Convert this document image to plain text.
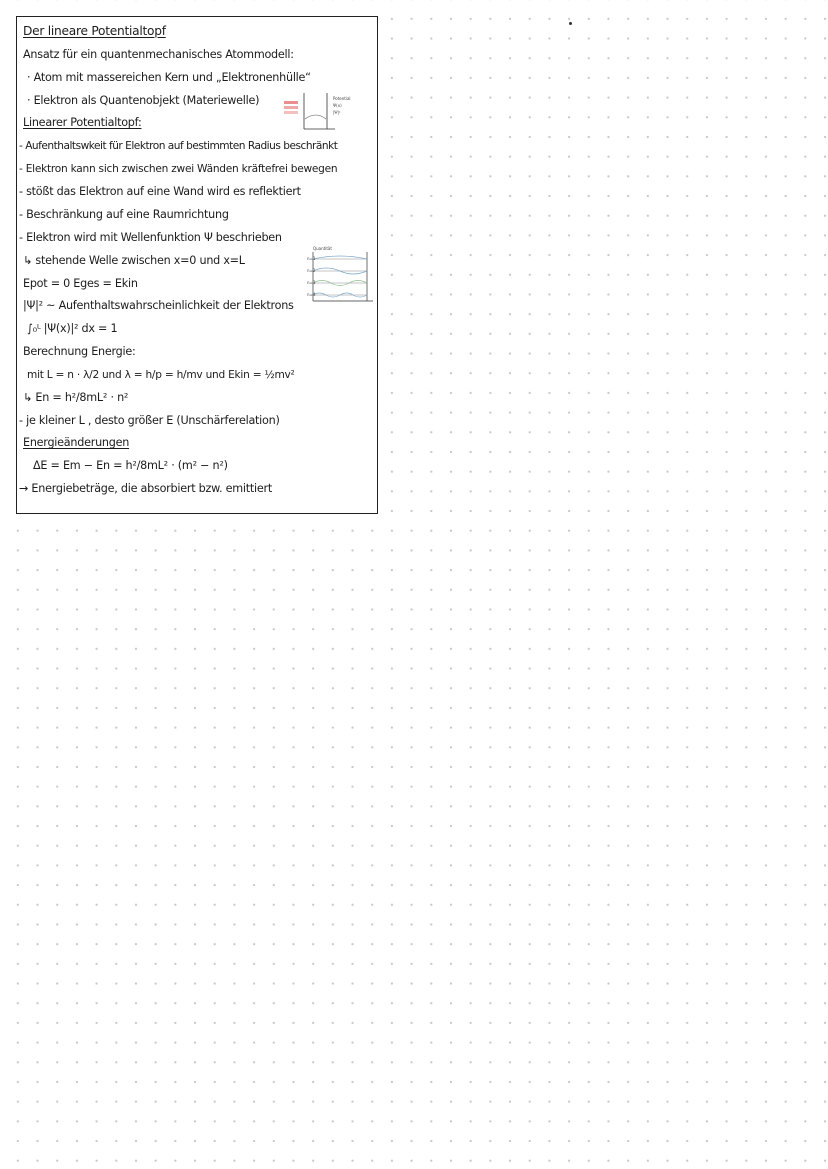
Der lineare Potentialtopf
Ansatz für ein quantenmechanisches Atommodell:
· Atom mit massereichen Kern und „Elektronenhülle“
· Elektron als Quantenobjekt (Materiewelle)
Linearer Potentialtopf:
- Aufenthaltswkeit für Elektron auf bestimmten Radius beschränkt
- Elektron kann sich zwischen zwei Wänden kräftefrei bewegen
- stößt das Elektron auf eine Wand wird es reflektiert
- Beschränkung auf eine Raumrichtung
- Elektron wird mit Wellenfunktion Ψ beschrieben
↳ stehende Welle zwischen x=0 und x=L
Epot = 0 Eges = Ekin
|Ψ|² ~ Aufenthaltswahrscheinlichkeit der Elektrons
∫₀ᴸ |Ψ(x)|² dx = 1
Berechnung Energie:
mit L = n · λ/2 und λ = h/p = h/mv und Ekin = ½mv²
↳ En = h²/8mL² · n²
- je kleiner L , desto größer E (Unschärferelation)
Energieänderungen
ΔE = Em − En = h²/8mL² · (m² − n²)
→ Energiebeträge, die absorbiert bzw. emittiert
Potential
Ψ(x)
|Ψ|²
Quantität
n=1
n=2
n=3
n=4
